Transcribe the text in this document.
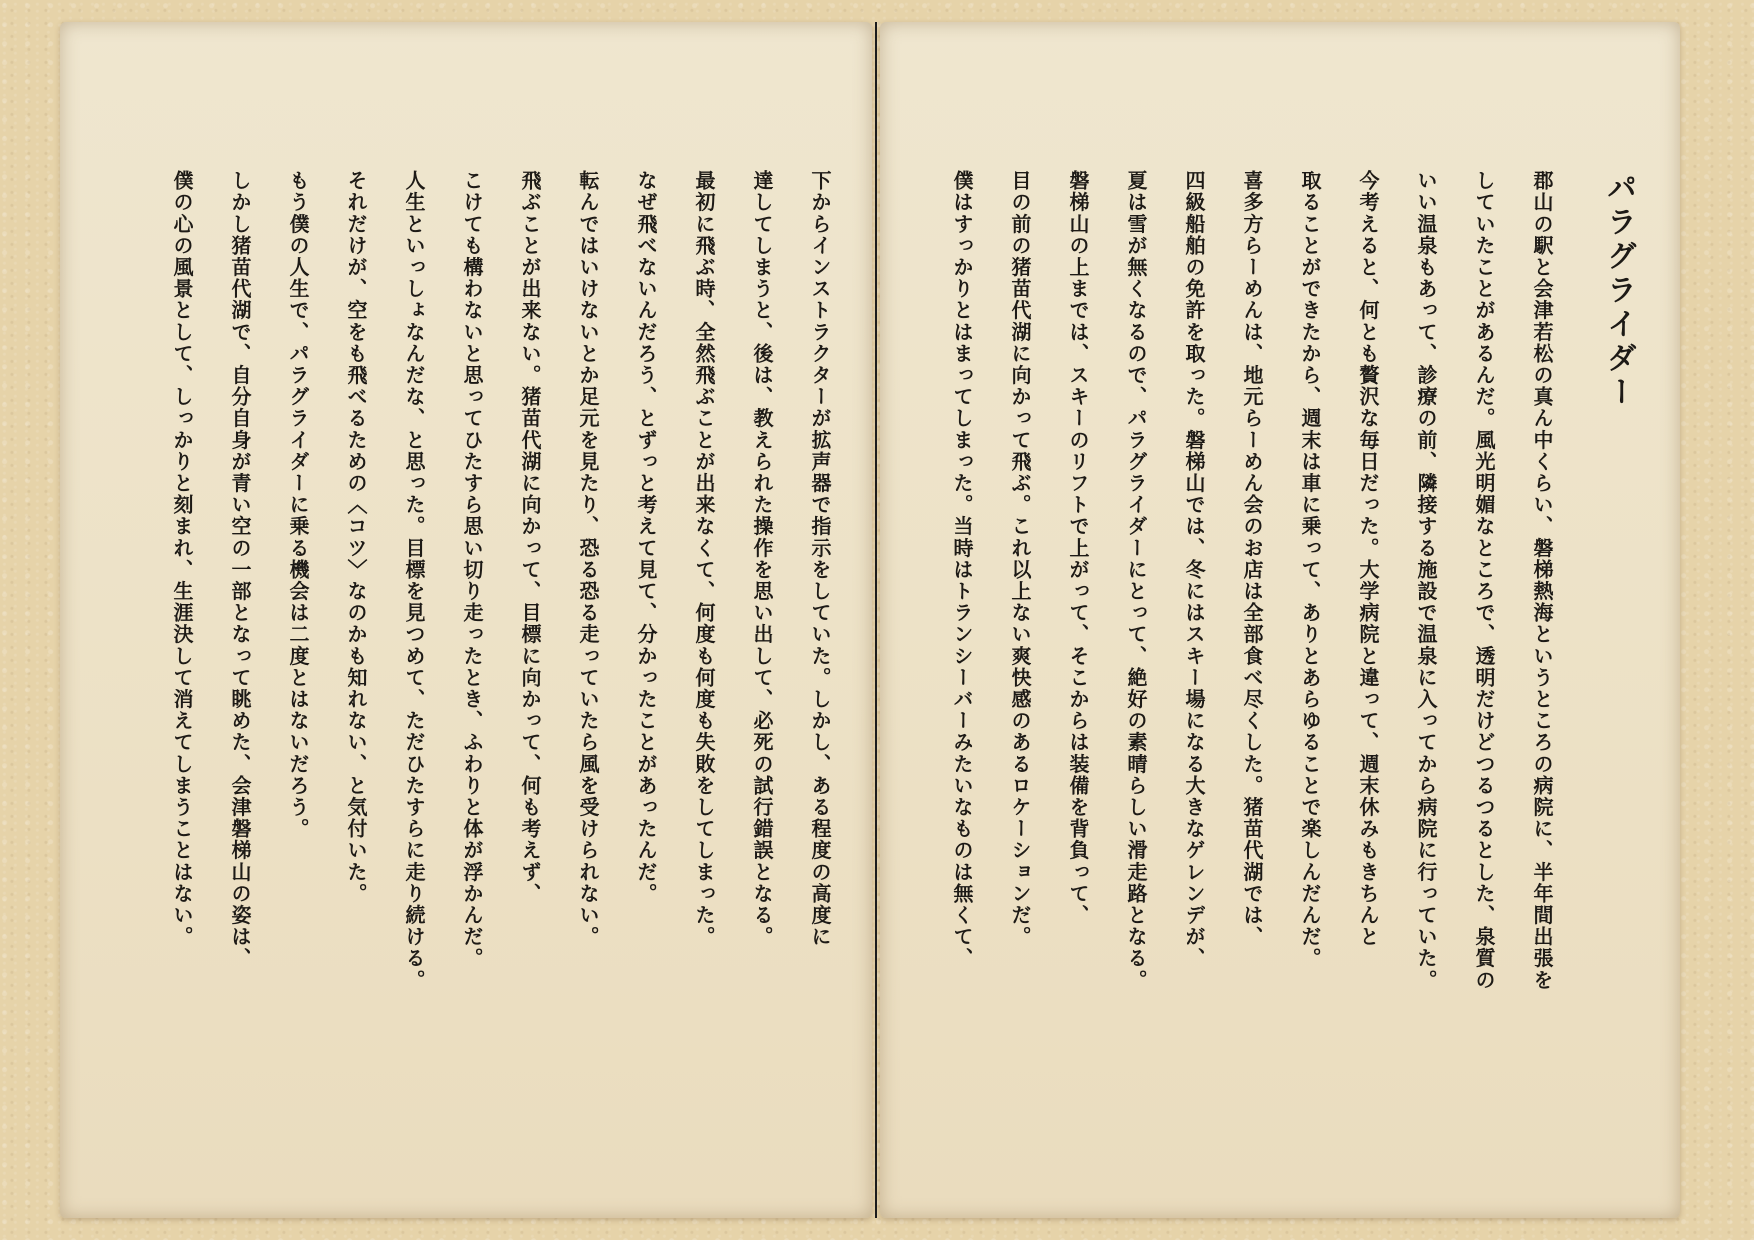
パラグライダー
郡山の駅と会津若松の真ん中くらい、磐梯熱海というところの病院に、半年間出張を
していたことがあるんだ。風光明媚なところで、透明だけどつるつるとした、泉質の
いい温泉もあって、診療の前、隣接する施設で温泉に入ってから病院に行っていた。
今考えると、何とも贅沢な毎日だった。大学病院と違って、週末休みもきちんと
取ることができたから、週末は車に乗って、ありとあらゆることで楽しんだんだ。
喜多方らーめんは、地元らーめん会のお店は全部食べ尽くした。猪苗代湖では、
四級船舶の免許を取った。磐梯山では、冬にはスキー場になる大きなゲレンデが、
夏は雪が無くなるので、パラグライダーにとって、絶好の素晴らしい滑走路となる。
磐梯山の上までは、スキーのリフトで上がって、そこからは装備を背負って、
目の前の猪苗代湖に向かって飛ぶ。これ以上ない爽快感のあるロケーションだ。
僕はすっかりとはまってしまった。当時はトランシーバーみたいなものは無くて、
下からインストラクターが拡声器で指示をしていた。しかし、ある程度の高度に
達してしまうと、後は、教えられた操作を思い出して、必死の試行錯誤となる。
最初に飛ぶ時、全然飛ぶことが出来なくて、何度も何度も失敗をしてしまった。
なぜ飛べないんだろう、とずっと考えて見て、分かったことがあったんだ。
転んではいけないとか足元を見たり、恐る恐る走っていたら風を受けられない。
飛ぶことが出来ない。猪苗代湖に向かって、目標に向かって、何も考えず、
こけても構わないと思ってひたすら思い切り走ったとき、ふわりと体が浮かんだ。
人生といっしょなんだな、と思った。目標を見つめて、ただひたすらに走り続ける。
それだけが、空をも飛べるための〈コツ〉なのかも知れない、と気付いた。
もう僕の人生で、パラグライダーに乗る機会は二度とはないだろう。
しかし猪苗代湖で、自分自身が青い空の一部となって眺めた、会津磐梯山の姿は、
僕の心の風景として、しっかりと刻まれ、生涯決して消えてしまうことはない。
